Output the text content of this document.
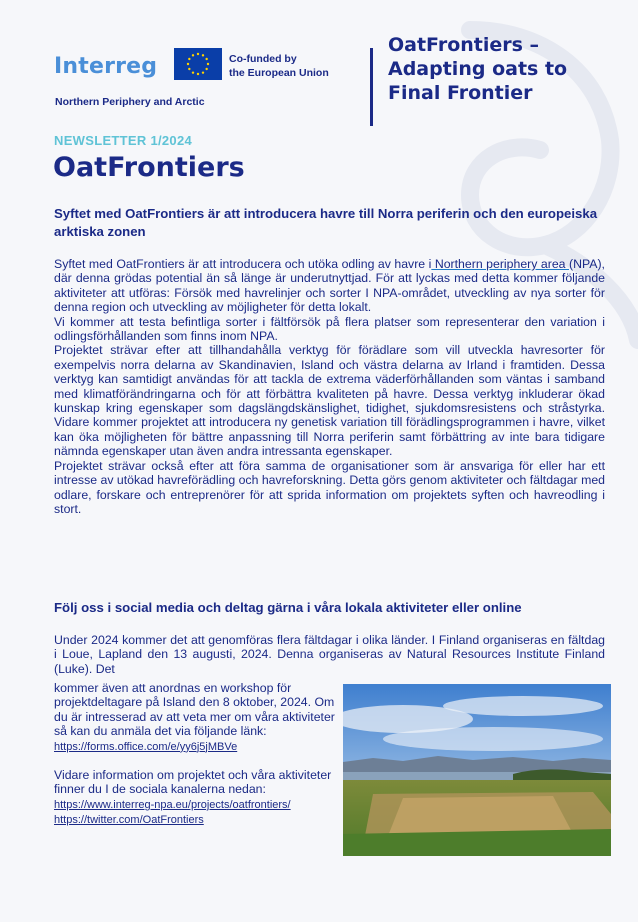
Interreg	Co-funded by
the European Union
Northern Periphery and Arctic
OatFrontiers – Adapting oats to Final Frontier
NEWSLETTER 1/2024
OatFrontiers
Syftet med OatFrontiers är att introducera havre till Norra periferin och den europeiska arktiska zonen

Syftet med OatFrontiers är att introducera och utöka odling av havre i Northern periphery area (NPA), där denna grödas potential än så länge är underutnyttjad. För att lyckas med detta kommer följande aktiviteter att utföras: Försök med havrelinjer och sorter I NPA-området, utveckling av nya sorter för denna region och utveckling av möjligheter för detta lokalt.

Vi kommer att testa befintliga sorter i fältförsök på flera platser som representerar den variation i odlingsförhållanden som finns inom NPA.

Projektet strävar efter att tillhandahålla verktyg för förädlare som vill utveckla havresorter för exempelvis norra delarna av Skandinavien, Island och västra delarna av Irland i framtiden. Dessa verktyg kan samtidigt användas för att tackla de extrema väderförhållanden som väntas i samband med klimatförändringarna och för att förbättra kvaliteten på havre. Dessa verktyg inkluderar ökad kunskap kring egenskaper som dagslängdskänslighet, tidighet, sjukdomsresistens och stråstyrka. Vidare kommer projektet att introducera ny genetisk variation till förädlingsprogrammen i havre, vilket kan öka möjligheten för bättre anpassning till Norra periferin samt förbättring av inte bara tidigare nämnda egenskaper utan även andra intressanta egenskaper.

Projektet strävar också efter att föra samma de organisationer som är ansvariga för eller har ett intresse av utökad havreförädling och havreforskning. Detta görs genom aktiviteter och fältdagar med odlare, forskare och entreprenörer för att sprida information om projektets syften och havreodling i stort.

Följ oss i social media och deltag gärna i våra lokala aktiviteter eller online
Under 2024 kommer det att genomföras flera fältdagar i olika länder. I Finland organiseras en fältdag i Loue, Lapland den 13 augusti, 2024. Denna organiseras av Natural Resources Institute Finland (Luke). Det

kommer även att anordnas en workshop för projektdeltagare på Island den 8 oktober, 2024. Om du är intresserad av att veta mer om våra aktiviteter så kan du anmäla det via följande länk: https://forms.office.com/e/yy6j5jMBVe

Vidare information om projektet och våra aktiviteter finner du I de sociala kanalerna nedan:

https://www.interreg-npa.eu/projects/oatfrontiers/

https://twitter.com/OatFrontiers
